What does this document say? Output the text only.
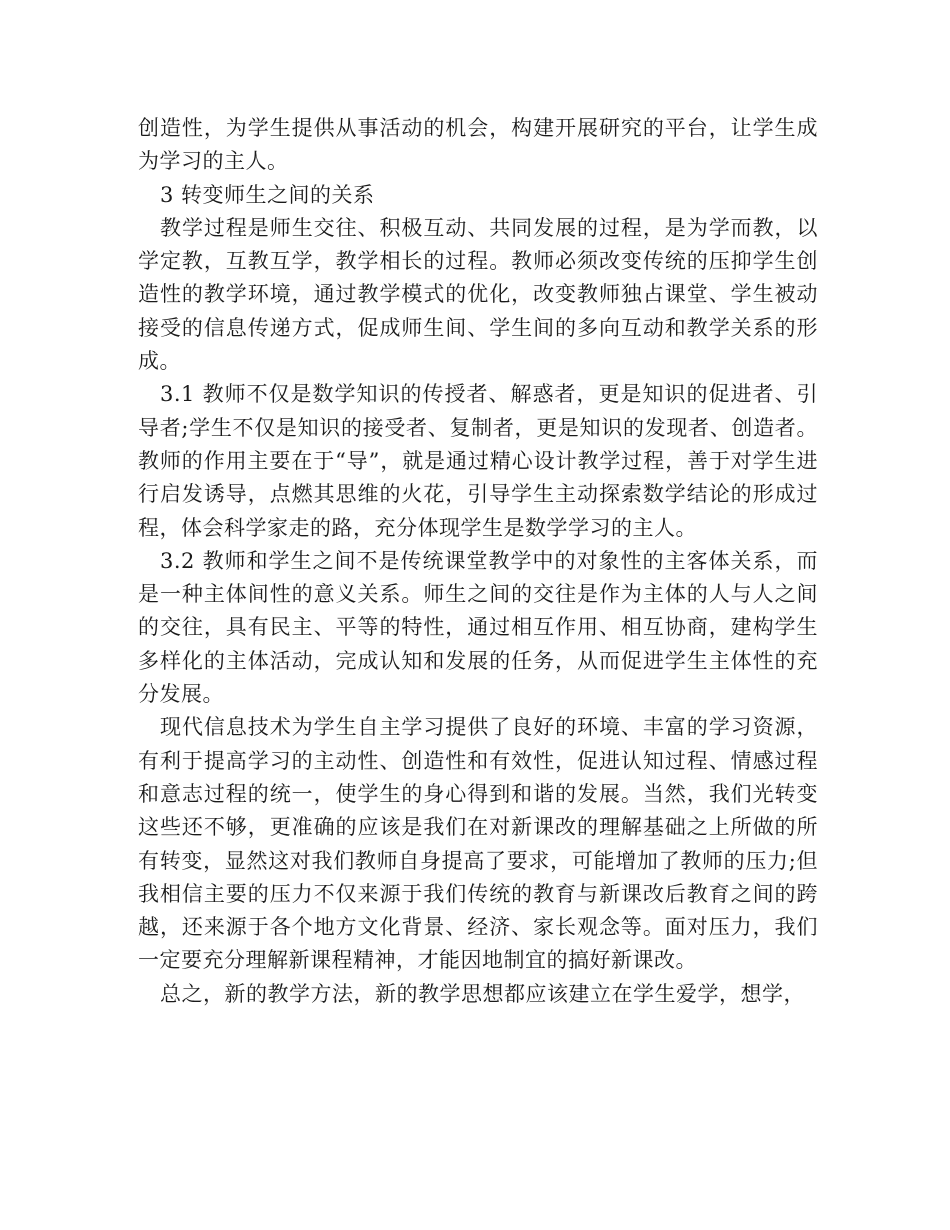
创造性，为学生提供从事活动的机会，构建开展研究的平台，让学生成为学习的主人。

3 转变师生之间的关系

教学过程是师生交往、积极互动、共同发展的过程，是为学而教，以学定教，互教互学，教学相长的过程。教师必须改变传统的压抑学生创造性的教学环境，通过教学模式的优化，改变教师独占课堂、学生被动接受的信息传递方式，促成师生间、学生间的多向互动和教学关系的形成。

3.1 教师不仅是数学知识的传授者、解惑者，更是知识的促进者、引导者;学生不仅是知识的接受者、复制者，更是知识的发现者、创造者。教师的作用主要在于“导”，就是通过精心设计教学过程，善于对学生进行启发诱导，点燃其思维的火花，引导学生主动探索数学结论的形成过程，体会科学家走的路，充分体现学生是数学学习的主人。

3.2 教师和学生之间不是传统课堂教学中的对象性的主客体关系，而是一种主体间性的意义关系。师生之间的交往是作为主体的人与人之间的交往，具有民主、平等的特性，通过相互作用、相互协商，建构学生多样化的主体活动，完成认知和发展的任务，从而促进学生主体性的充分发展。

现代信息技术为学生自主学习提供了良好的环境、丰富的学习资源，有利于提高学习的主动性、创造性和有效性，促进认知过程、情感过程和意志过程的统一，使学生的身心得到和谐的发展。当然，我们光转变这些还不够，更准确的应该是我们在对新课改的理解基础之上所做的所有转变，显然这对我们教师自身提高了要求，可能增加了教师的压力;但我相信主要的压力不仅来源于我们传统的教育与新课改后教育之间的跨越，还来源于各个地方文化背景、经济、家长观念等。面对压力，我们一定要充分理解新课程精神，才能因地制宜的搞好新课改。

总之，新的教学方法，新的教学思想都应该建立在学生爱学，想学，
